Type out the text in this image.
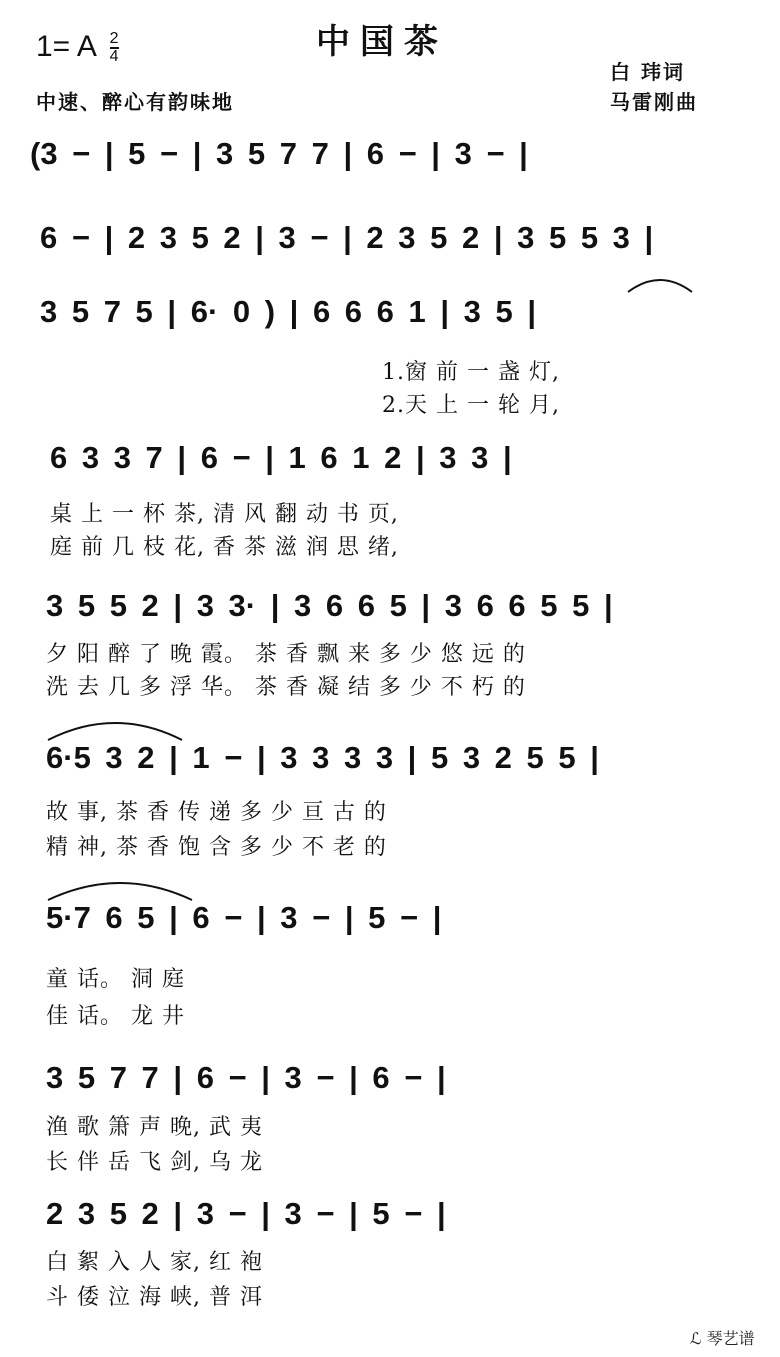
1= A $\frac{2}{4}$	中国茶
中速、醉心有韵味地
白 玮词
马雷刚曲
(3 − | 5 − | 3 5 7 7 | 6 − | 3 − |
6 − | 2 3 5 2 | 3 − | 2 3 5 2 | 3 5 5 3 |
3 5 7 5 | 6· 0 ) | 6 6 6 1 | 3 5 |
1.窗 前 一 盏 灯,
2.天 上 一 轮 月,
6 3 3 7 | 6 − | 1 6 1 2 | 3 3 |
桌 上 一 杯 茶, 清 风 翻 动 书 页,
庭 前 几 枝 花, 香 茶 滋 润 思 绪,
3 5 5 2 | 3 3· | 3 6 6 5 | 3 6 6 5 5 |
夕 阳 醉 了 晚 霞。 茶 香 飘 来 多 少 悠 远 的
洗 去 几 多 浮 华。 茶 香 凝 结 多 少 不 朽 的
6·5 3 2 | 1 − | 3 3 3 3 | 5 3 2 5 5 |
故 事, 茶 香 传 递 多 少 亘 古 的
精 神, 茶 香 饱 含 多 少 不 老 的
5·7 6 5 | 6 − | 3 − | 5 − |
童 话。 洞 庭
佳 话。 龙 井
3 5 7 7 | 6 − | 3 − | 6 − |
渔 歌 箫 声 晚, 武 夷
长 伴 岳 飞 剑, 乌 龙
2 3 5 2 | 3 − | 3 − | 5 − |
白 絮 入 人 家, 红 袍
斗 倭 泣 海 峡, 普 洱
ℒ 琴艺谱
